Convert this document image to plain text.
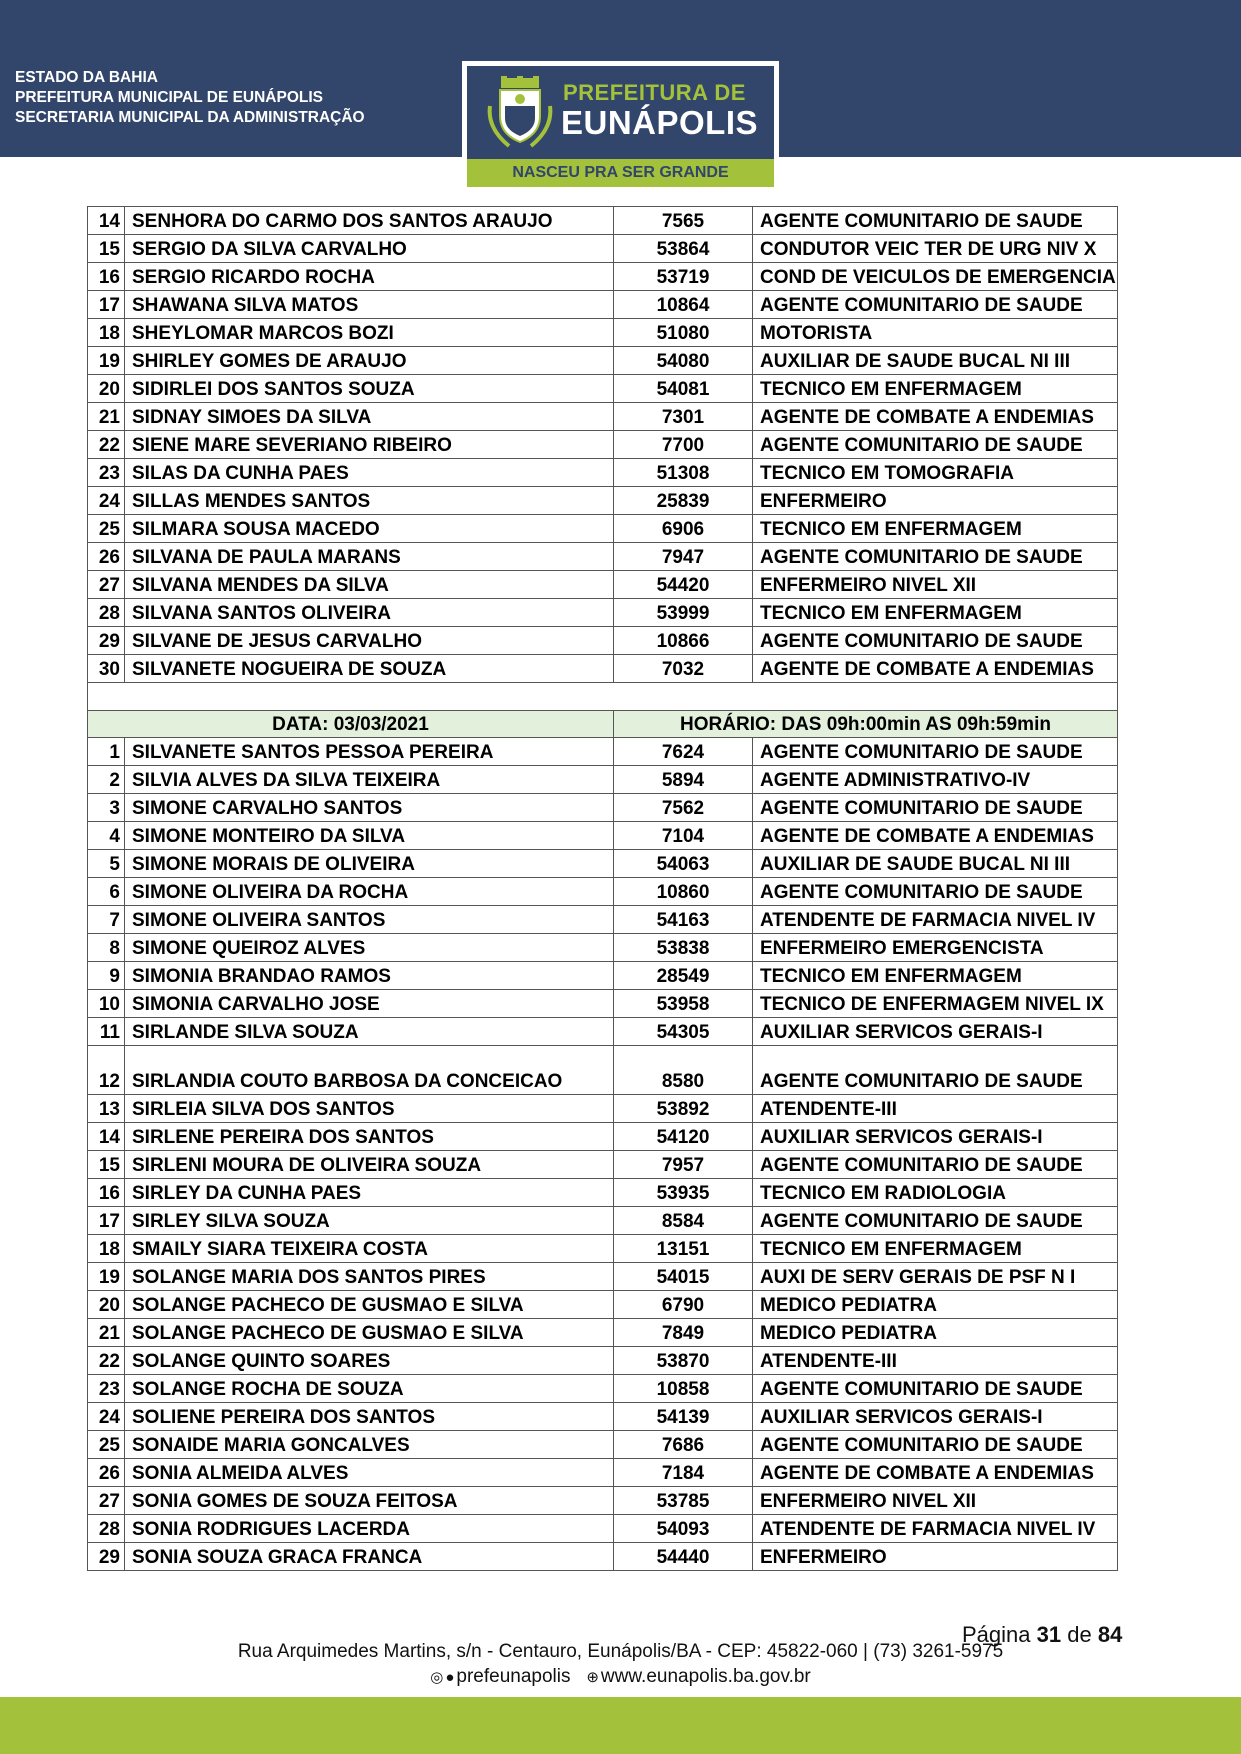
ESTADO DA BAHIA
PREFEITURA MUNICIPAL DE EUNÁPOLIS
SECRETARIA MUNICIPAL DA ADMINISTRAÇÃO
PREFEITURA DE
EUNÁPOLIS
NASCEU PRA SER GRANDE
14	SENHORA DO CARMO DOS SANTOS ARAUJO	7565	AGENTE COMUNITARIO DE SAUDE
15	SERGIO DA SILVA CARVALHO	53864	CONDUTOR VEIC TER DE URG NIV X
16	SERGIO RICARDO ROCHA	53719	COND DE VEICULOS DE EMERGENCIA
17	SHAWANA SILVA MATOS	10864	AGENTE COMUNITARIO DE SAUDE
18	SHEYLOMAR MARCOS BOZI	51080	MOTORISTA
19	SHIRLEY GOMES DE ARAUJO	54080	AUXILIAR DE SAUDE BUCAL NI III
20	SIDIRLEI DOS SANTOS SOUZA	54081	TECNICO EM ENFERMAGEM
21	SIDNAY SIMOES DA SILVA	7301	AGENTE DE COMBATE A ENDEMIAS
22	SIENE MARE SEVERIANO RIBEIRO	7700	AGENTE COMUNITARIO DE SAUDE
23	SILAS DA CUNHA PAES	51308	TECNICO EM TOMOGRAFIA
24	SILLAS MENDES SANTOS	25839	ENFERMEIRO
25	SILMARA SOUSA MACEDO	6906	TECNICO EM ENFERMAGEM
26	SILVANA DE PAULA MARANS	7947	AGENTE COMUNITARIO DE SAUDE
27	SILVANA MENDES DA SILVA	54420	ENFERMEIRO NIVEL XII
28	SILVANA SANTOS OLIVEIRA	53999	TECNICO EM ENFERMAGEM
29	SILVANE DE JESUS CARVALHO	10866	AGENTE COMUNITARIO DE SAUDE
30	SILVANETE NOGUEIRA DE SOUZA	7032	AGENTE DE COMBATE A ENDEMIAS

DATA: 03/03/2021		HORÁRIO: DAS 09h:00min AS 09h:59min	
1	SILVANETE SANTOS PESSOA PEREIRA	7624	AGENTE COMUNITARIO DE SAUDE
2	SILVIA ALVES DA SILVA TEIXEIRA	5894	AGENTE ADMINISTRATIVO-IV
3	SIMONE CARVALHO SANTOS	7562	AGENTE COMUNITARIO DE SAUDE
4	SIMONE MONTEIRO DA SILVA	7104	AGENTE DE COMBATE A ENDEMIAS
5	SIMONE MORAIS DE OLIVEIRA	54063	AUXILIAR DE SAUDE BUCAL NI III
6	SIMONE OLIVEIRA DA ROCHA	10860	AGENTE COMUNITARIO DE SAUDE
7	SIMONE OLIVEIRA SANTOS	54163	ATENDENTE DE FARMACIA NIVEL IV
8	SIMONE QUEIROZ ALVES	53838	ENFERMEIRO EMERGENCISTA
9	SIMONIA BRANDAO RAMOS	28549	TECNICO EM ENFERMAGEM
10	SIMONIA CARVALHO JOSE	53958	TECNICO DE ENFERMAGEM NIVEL IX
11	SIRLANDE SILVA SOUZA	54305	AUXILIAR SERVICOS GERAIS-I
12	SIRLANDIA COUTO BARBOSA DA CONCEICAO	8580	AGENTE COMUNITARIO DE SAUDE
13	SIRLEIA SILVA DOS SANTOS	53892	ATENDENTE-III
14	SIRLENE PEREIRA DOS SANTOS	54120	AUXILIAR SERVICOS GERAIS-I
15	SIRLENI MOURA DE OLIVEIRA SOUZA	7957	AGENTE COMUNITARIO DE SAUDE
16	SIRLEY DA CUNHA PAES	53935	TECNICO EM RADIOLOGIA
17	SIRLEY SILVA SOUZA	8584	AGENTE COMUNITARIO DE SAUDE
18	SMAILY SIARA TEIXEIRA COSTA	13151	TECNICO EM ENFERMAGEM
19	SOLANGE MARIA DOS SANTOS PIRES	54015	AUXI DE SERV GERAIS DE PSF N I
20	SOLANGE PACHECO DE GUSMAO E SILVA	6790	MEDICO PEDIATRA
21	SOLANGE PACHECO DE GUSMAO E SILVA	7849	MEDICO PEDIATRA
22	SOLANGE QUINTO SOARES	53870	ATENDENTE-III
23	SOLANGE ROCHA DE SOUZA	10858	AGENTE COMUNITARIO DE SAUDE
24	SOLIENE PEREIRA DOS SANTOS	54139	AUXILIAR SERVICOS GERAIS-I
25	SONAIDE MARIA GONCALVES	7686	AGENTE COMUNITARIO DE SAUDE
26	SONIA ALMEIDA ALVES	7184	AGENTE DE COMBATE A ENDEMIAS
27	SONIA GOMES DE SOUZA FEITOSA	53785	ENFERMEIRO NIVEL XII
28	SONIA RODRIGUES LACERDA	54093	ATENDENTE DE FARMACIA NIVEL IV
29	SONIA SOUZA GRACA FRANCA	54440	ENFERMEIRO
Página 31 de 84
Rua Arquimedes Martins, s/n - Centauro, Eunápolis/BA - CEP: 45822-060 | (73) 3261-5975
◎ ● prefeunapolis ⊕ www.eunapolis.ba.gov.br
